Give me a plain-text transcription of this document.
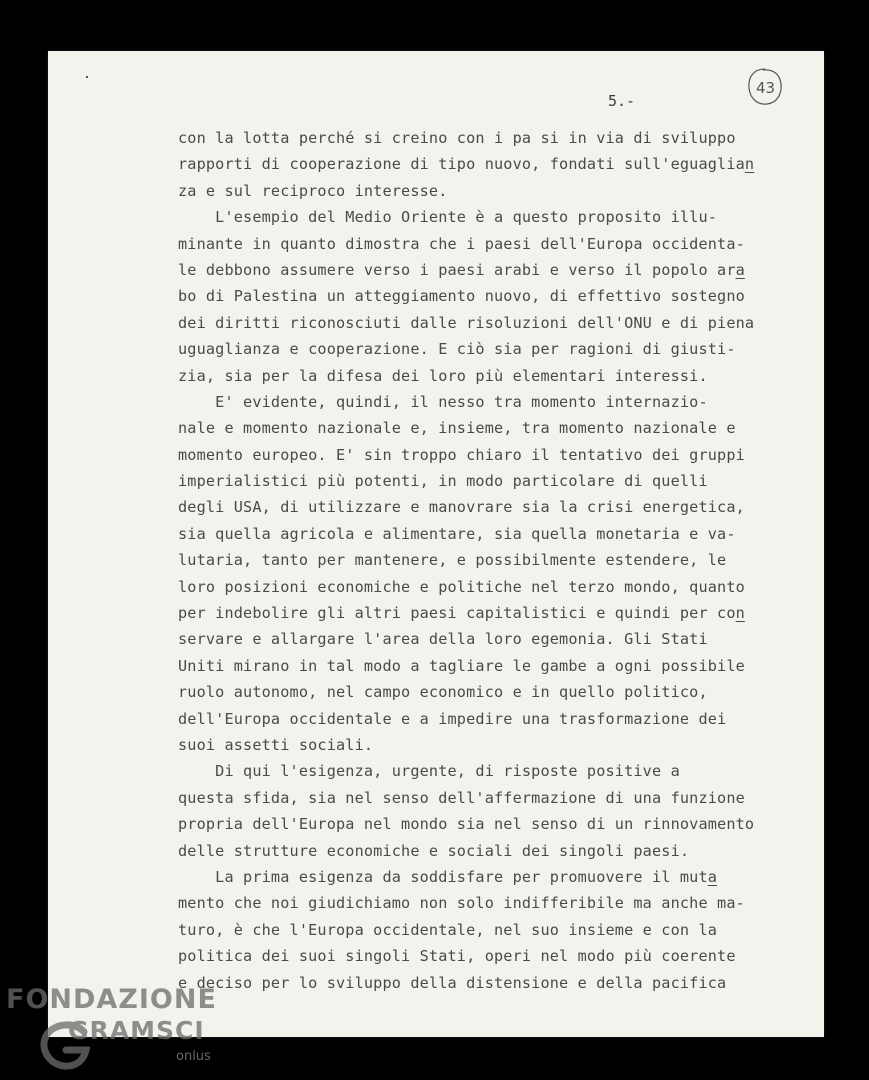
5.-
43
con la lotta perché si creino con i pa si in via di sviluppo
rapporti di cooperazione di tipo nuovo, fondati sull'eguaglian
za e sul reciproco interesse.
L'esempio del Medio Oriente è a questo proposito illu-
minante in quanto dimostra che i paesi dell'Europa occidenta-
le debbono assumere verso i paesi arabi e verso il popolo ara
bo di Palestina un atteggiamento nuovo, di effettivo sostegno
dei diritti riconosciuti dalle risoluzioni dell'ONU e di piena
uguaglianza e cooperazione. E ciò sia per ragioni di giusti-
zia, sia per la difesa dei loro più elementari interessi.
E' evidente, quindi, il nesso tra momento internazio-
nale e momento nazionale e, insieme, tra momento nazionale e
momento europeo. E' sin troppo chiaro il tentativo dei gruppi
imperialistici più potenti, in modo particolare di quelli
degli USA, di utilizzare e manovrare sia la crisi energetica,
sia quella agricola e alimentare, sia quella monetaria e va-
lutaria, tanto per mantenere, e possibilmente estendere, le
loro posizioni economiche e politiche nel terzo mondo, quanto
per indebolire gli altri paesi capitalistici e quindi per con
servare e allargare l'area della loro egemonia. Gli Stati
Uniti mirano in tal modo a tagliare le gambe a ogni possibile
ruolo autonomo, nel campo economico e in quello politico,
dell'Europa occidentale e a impedire una trasformazione dei
suoi assetti sociali.
Di qui l'esigenza, urgente, di risposte positive a
questa sfida, sia nel senso dell'affermazione di una funzione
propria dell'Europa nel mondo sia nel senso di un rinnovamento
delle strutture economiche e sociali dei singoli paesi.
La prima esigenza da soddisfare per promuovere il muta
mento che noi giudichiamo non solo indifferibile ma anche ma-
turo, è che l'Europa occidentale, nel suo insieme e con la
politica dei suoi singoli Stati, operi nel modo più coerente
e deciso per lo sviluppo della distensione e della pacifica
FONDAZIONE
GRAMSCI
onlus
